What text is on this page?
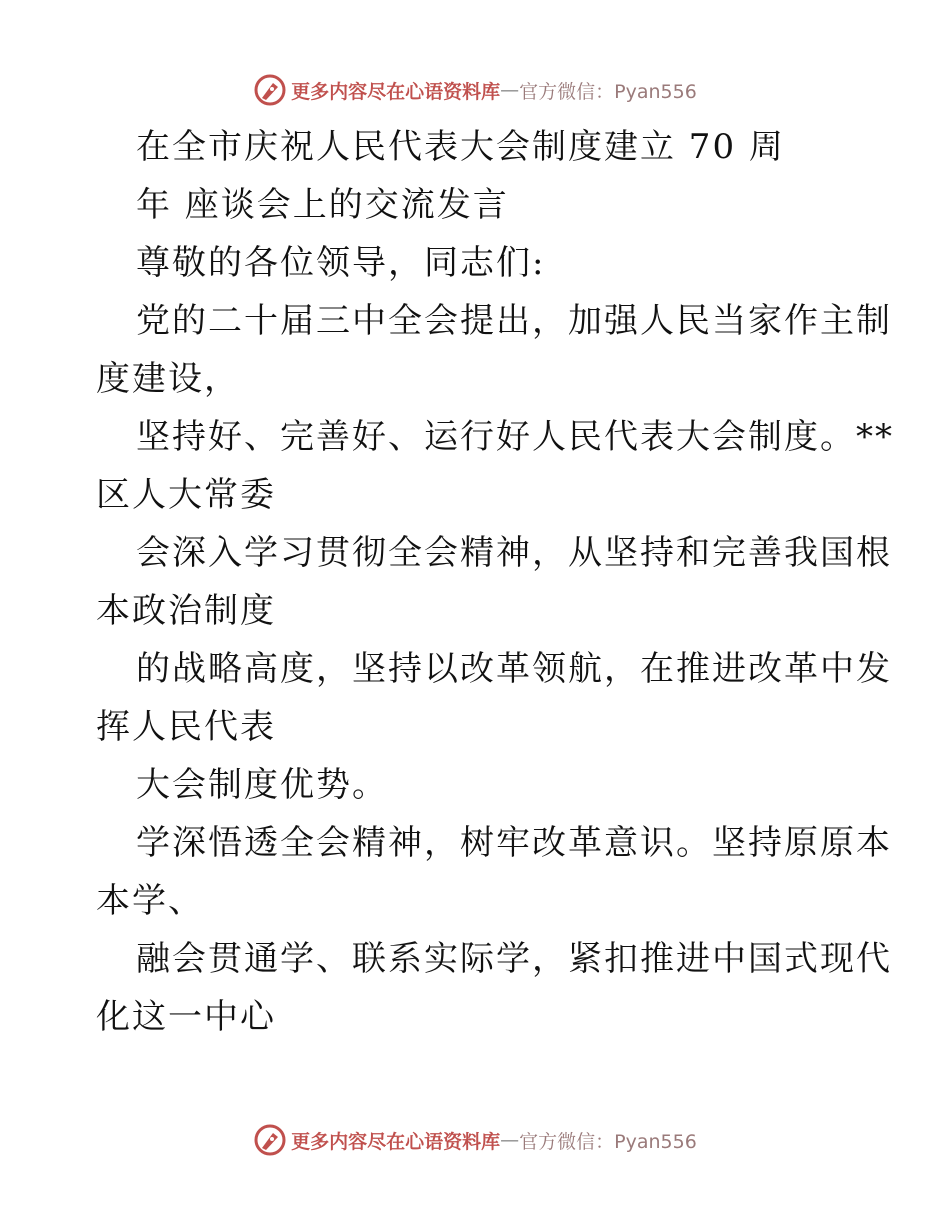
更多内容尽在心语资料库 — 官方微信：Pyan556
在全市庆祝人民代表大会制度建立 70 周
年 座谈会上的交流发言
尊敬的各位领导，同志们:
党的二十届三中全会提出，加强人民当家作主制
度建设，
坚持好、完善好、运行好人民代表大会制度。**
区人大常委
会深入学习贯彻全会精神，从坚持和完善我国根
本政治制度
的战略高度，坚持以改革领航，在推进改革中发
挥人民代表
大会制度优势。
学深悟透全会精神，树牢改革意识。坚持原原本
本学、
融会贯通学、联系实际学，紧扣推进中国式现代
化这一中心
更多内容尽在心语资料库 — 官方微信：Pyan556
